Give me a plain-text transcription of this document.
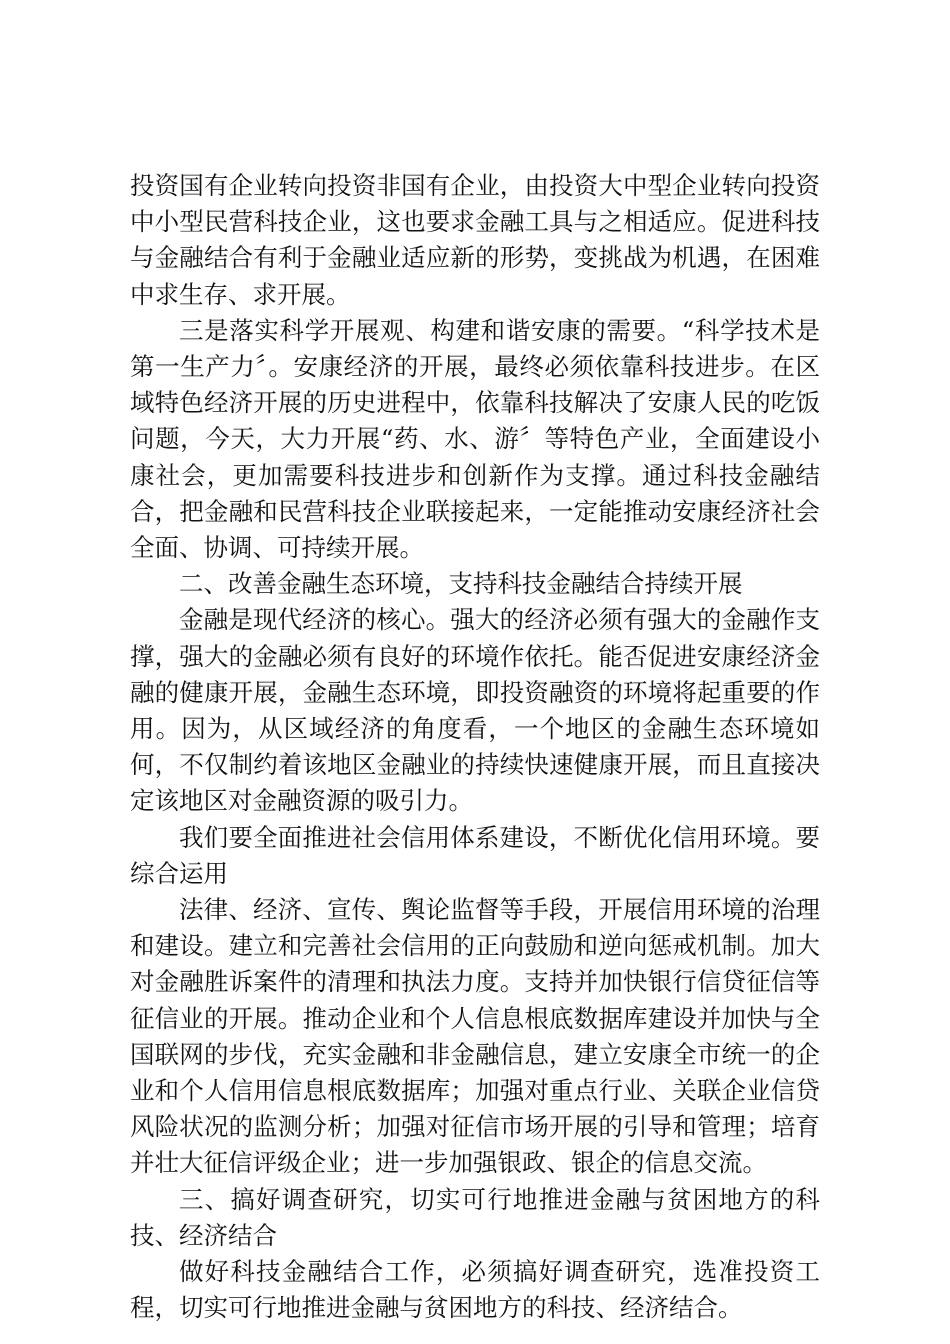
投资国有企业转向投资非国有企业，由投资大中型企业转向投资中小型民营科技企业，这也要求金融工具与之相适应。促进科技与金融结合有利于金融业适应新的形势，变挑战为机遇，在困难中求生存、求开展。

三是落实科学开展观、构建和谐安康的需要。“科学技术是第一生产力〞。安康经济的开展，最终必须依靠科技进步。在区域特色经济开展的历史进程中，依靠科技解决了安康人民的吃饭问题，今天，大力开展“药、水、游〞等特色产业，全面建设小康社会，更加需要科技进步和创新作为支撑。通过科技金融结合，把金融和民营科技企业联接起来，一定能推动安康经济社会全面、协调、可持续开展。

二、改善金融生态环境，支持科技金融结合持续开展

金融是现代经济的核心。强大的经济必须有强大的金融作支撑，强大的金融必须有良好的环境作依托。能否促进安康经济金融的健康开展，金融生态环境，即投资融资的环境将起重要的作用。因为，从区域经济的角度看，一个地区的金融生态环境如何，不仅制约着该地区金融业的持续快速健康开展，而且直接决定该地区对金融资源的吸引力。

我们要全面推进社会信用体系建设，不断优化信用环境。要综合运用

法律、经济、宣传、舆论监督等手段，开展信用环境的治理和建设。建立和完善社会信用的正向鼓励和逆向惩戒机制。加大对金融胜诉案件的清理和执法力度。支持并加快银行信贷征信等征信业的开展。推动企业和个人信息根底数据库建设并加快与全国联网的步伐，充实金融和非金融信息，建立安康全市统一的企业和个人信用信息根底数据库；加强对重点行业、关联企业信贷风险状况的监测分析；加强对征信市场开展的引导和管理；培育并壮大征信评级企业；进一步加强银政、银企的信息交流。

三、搞好调查研究，切实可行地推进金融与贫困地方的科技、经济结合

做好科技金融结合工作，必须搞好调查研究，选准投资工程，切实可行地推进金融与贫困地方的科技、经济结合。
